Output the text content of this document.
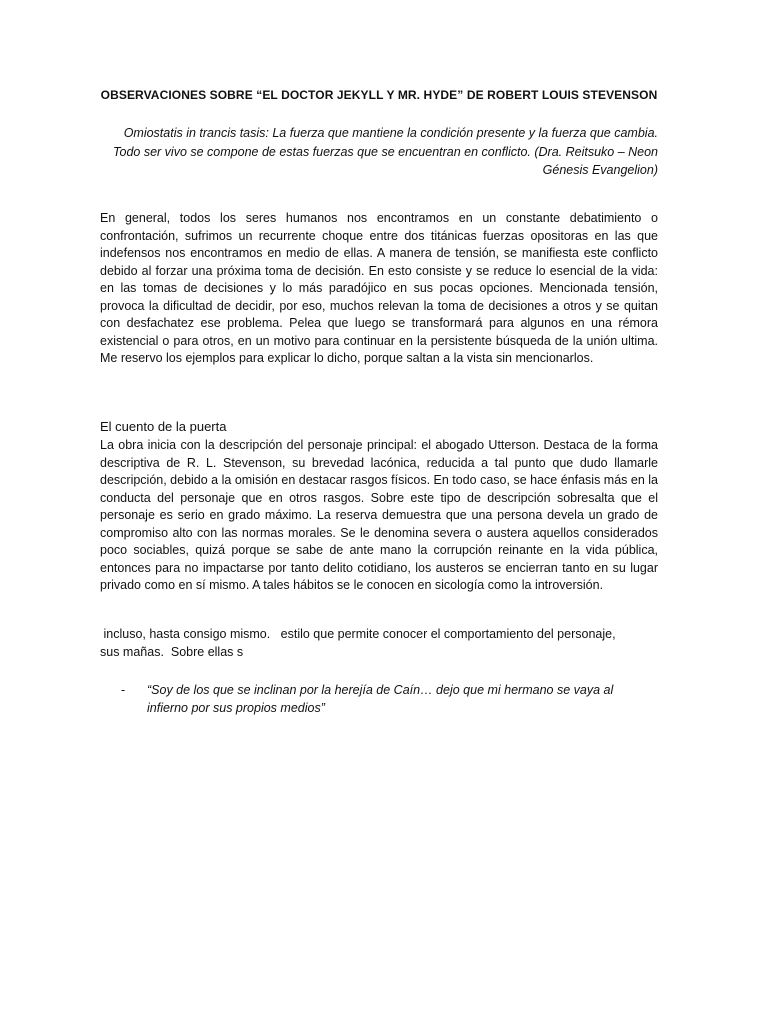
OBSERVACIONES SOBRE “EL DOCTOR JEKYLL Y MR. HYDE” DE ROBERT LOUIS STEVENSON

Omiostatis in trancis tasis: La fuerza que mantiene la condición presente y la fuerza que cambia.

Todo ser vivo se compone de estas fuerzas que se encuentran en conflicto. (Dra. Reitsuko – Neon

Génesis Evangelion)

En general, todos los seres humanos nos encontramos en un constante debatimiento o confrontación, sufrimos un recurrente choque entre dos titánicas fuerzas opositoras en las que indefensos nos encontramos en medio de ellas. A manera de tensión, se manifiesta este conflicto debido al forzar una próxima toma de decisión. En esto consiste y se reduce lo esencial de la vida: en las tomas de decisiones y lo más paradójico en sus pocas opciones. Mencionada tensión, provoca la dificultad de decidir, por eso, muchos relevan la toma de decisiones a otros y se quitan con desfachatez ese problema. Pelea que luego se transformará para algunos en una rémora existencial o para otros, en un motivo para continuar en la persistente búsqueda de la unión ultima. Me reservo los ejemplos para explicar lo dicho, porque saltan a la vista sin mencionarlos.

El cuento de la puerta

La obra inicia con la descripción del personaje principal: el abogado Utterson. Destaca de la forma descriptiva de R. L. Stevenson, su brevedad lacónica, reducida a tal punto que dudo llamarle descripción, debido a la omisión en destacar rasgos físicos. En todo caso, se hace énfasis más en la conducta del personaje que en otros rasgos. Sobre este tipo de descripción sobresalta que el personaje es serio en grado máximo. La reserva demuestra que una persona devela un grado de compromiso alto con las normas morales. Se le denomina severa o austera aquellos considerados poco sociables, quizá porque se sabe de ante mano la corrupción reinante en la vida pública, entonces para no impactarse por tanto delito cotidiano, los austeros se encierran tanto en su lugar privado como en sí mismo. A tales hábitos se le conocen en sicología como la introversión.

incluso, hasta consigo mismo.   estilo que permite conocer el comportamiento del personaje,
sus mañas.  Sobre ellas s
- “Soy de los que se inclinan por la herejía de Caín… dejo que mi hermano se vaya al infierno por sus propios medios”
